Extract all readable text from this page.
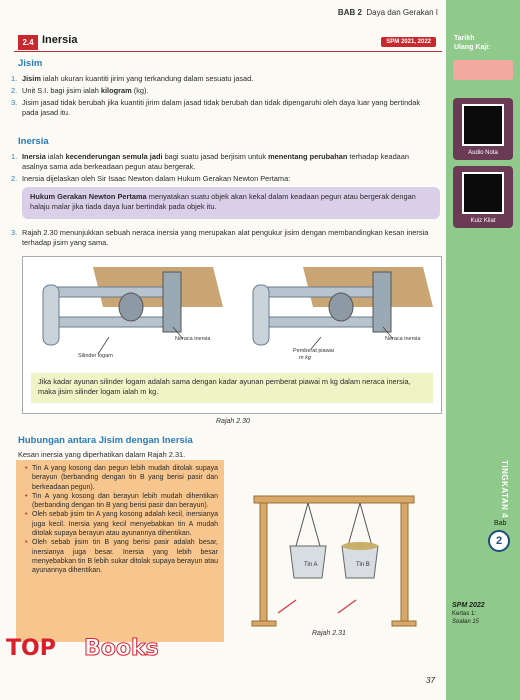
BAB 2 Daya dan Gerakan I
2.4 Inersia	SPM 2021, 2022
Jisim
1. Jisim ialah ukuran kuantiti jirim yang terkandung dalam sesuatu jasad.
2. Unit S.I. bagi jisim ialah kilogram (kg).
3. Jisim jasad tidak berubah jika kuantiti jirim dalam jasad tidak berubah dan tidak dipengaruhi oleh daya luar yang bertindak pada jasad itu.
Inersia
1. Inersia ialah kecenderungan semula jadi bagi suatu jasad berjisim untuk menentang perubahan terhadap keadaan asalnya sama ada berkeadaan pegun atau bergerak.
2. Inersia dijelaskan oleh Sir Isaac Newton dalam Hukum Gerakan Newton Pertama:
Hukum Gerakan Newton Pertama menyatakan suatu objek akan kekal dalam keadaan pegun atau bergerak dengan halaju malar jika tiada daya luar bertindak pada objek itu.
3. Rajah 2.30 menunjukkan sebuah neraca inersia yang merupakan alat pengukur jisim dengan membandingkan kesan inersia terhadap jisim yang sama.
Neraca inersia
Silinder logam
Neraca inersia
Pemberat piawai
m kg
Jika kadar ayunan silinder logam adalah sama dengan kadar ayunan pemberat piawai m kg dalam neraca inersia, maka jisim silinder logam ialah m kg.
Rajah 2.30
Hubungan antara Jisim dengan Inersia
Kesan inersia yang diperhatikan dalam Rajah 2.31.
• Tin A yang kosong dan pegun lebih mudah ditolak supaya berayun (berbanding dengan tin B yang berisi pasir dan berkeadaan pegun).
• Tin A yang kosong dan berayun lebih mudah dihentikan (berbanding dengan tin B yang berisi pasir dan berayun).
• Oleh sebab jisim tin A yang kosong adalah kecil, inersianya juga kecil. Inersia yang kecil menyebabkan tin A mudah ditolak supaya berayun atau ayunannya dihentikan.
• Oleh sebab jisim tin B yang berisi pasir adalah besar, inersianya juga besar. Inersia yang lebih besar menyebabkan tin B lebih sukar ditolak supaya berayun atau ayunannya dihentikan.
Tin A	Tin B
Rajah 2.31
Tarikh
Ulang Kaji:
Audio Nota
Kuiz Kilat
TINGKATAN 4
Bab
2
SPM 2022
Kertas 1:
Soalan 15
37
TOP Books
